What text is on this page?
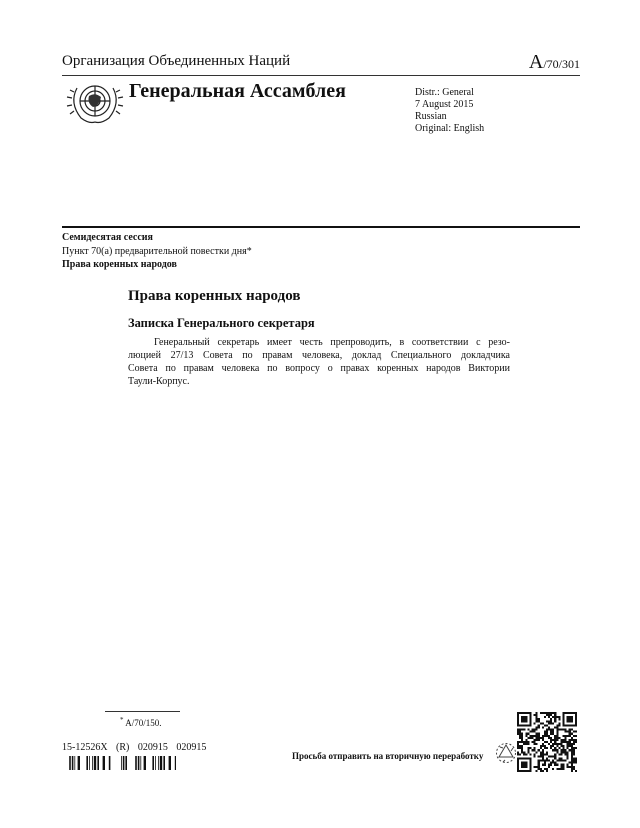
Организация Объединенных Наций	A/70/301
Генеральная Ассамблея	Distr.: General
7 August 2015
Russian
Original: English
Семидесятая сессия
Пункт 70(a) предварительной повестки дня*
Права коренных народов
Права коренных народов
Записка Генерального секретаря
Генеральный секретарь имеет честь препроводить, в соответствии с резо-
люцией 27/13 Совета по правам человека, доклад Специального докладчика
Совета по правам человека по вопросу о правах коренных народов Виктории
Таули-Корпус.
* A/70/150.
15-12526X (R) 020915 020915
Просьба отправить на вторичную переработку
